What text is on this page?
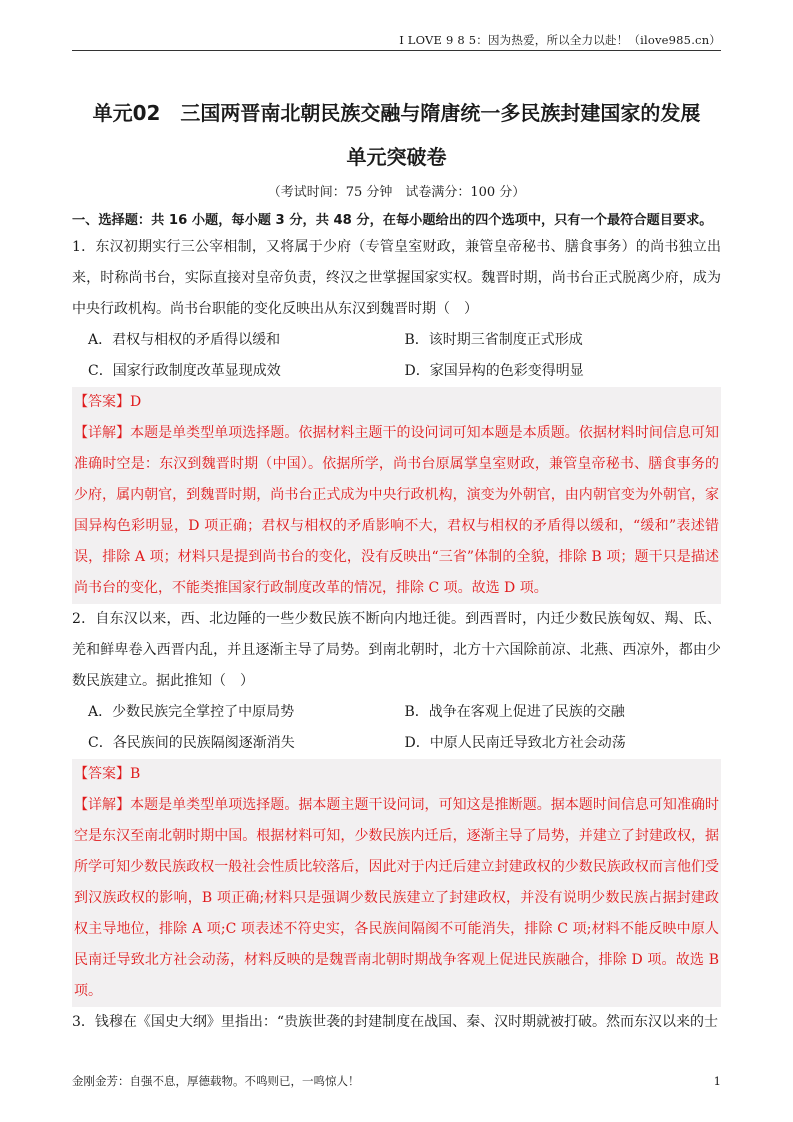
I LOVE 9 8 5：因为热爱，所以全力以赴！（ilove985.cn）
单元02　三国两晋南北朝民族交融与隋唐统一多民族封建国家的发展
单元突破卷
（考试时间：75 分钟　试卷满分：100 分）
一、选择题：共 16 小题，每小题 3 分，共 48 分，在每小题给出的四个选项中，只有一个最符合题目要求。

1．东汉初期实行三公宰相制，又将属于少府（专管皇室财政，兼管皇帝秘书、膳食事务）的尚书独立出来，时称尚书台，实际直接对皇帝负责，终汉之世掌握国家实权。魏晋时期，尚书台正式脱离少府，成为中央行政机构。尚书台职能的变化反映出从东汉到魏晋时期（　）

A．君权与相权的矛盾得以缓和	B．该时期三省制度正式形成
C．国家行政制度改革显现成效	D．家国异构的色彩变得明显

【答案】D

【详解】本题是单类型单项选择题。依据材料主题干的设问词可知本题是本质题。依据材料时间信息可知准确时空是：东汉到魏晋时期（中国）。依据所学，尚书台原属掌皇室财政，兼管皇帝秘书、膳食事务的少府，属内朝官，到魏晋时期，尚书台正式成为中央行政机构，演变为外朝官，由内朝官变为外朝官，家国异构色彩明显，D 项正确；君权与相权的矛盾影响不大，君权与相权的矛盾得以缓和，“缓和”表述错误，排除 A 项；材料只是提到尚书台的变化，没有反映出“三省”体制的全貌，排除 B 项；题干只是描述尚书台的变化，不能类推国家行政制度改革的情况，排除 C 项。故选 D 项。

2．自东汉以来，西、北边陲的一些少数民族不断向内地迁徙。到西晋时，内迁少数民族匈奴、羯、氐、羌和鲜卑卷入西晋内乱，并且逐渐主导了局势。到南北朝时，北方十六国除前凉、北燕、西凉外，都由少数民族建立。据此推知（　）

A．少数民族完全掌控了中原局势	B．战争在客观上促进了民族的交融
C．各民族间的民族隔阂逐渐消失	D．中原人民南迁导致北方社会动荡

【答案】B

【详解】本题是单类型单项选择题。据本题主题干设问词，可知这是推断题。据本题时间信息可知准确时空是东汉至南北朝时期中国。根据材料可知，少数民族内迁后，逐渐主导了局势，并建立了封建政权，据所学可知少数民族政权一般社会性质比较落后，因此对于内迁后建立封建政权的少数民族政权而言他们受到汉族政权的影响，B 项正确;材料只是强调少数民族建立了封建政权，并没有说明少数民族占据封建政权主导地位，排除 A 项;C 项表述不符史实，各民族间隔阂不可能消失，排除 C 项;材料不能反映中原人民南迁导致北方社会动荡，材料反映的是魏晋南北朝时期战争客观上促进民族融合，排除 D 项。故选 B 项。

3．钱穆在《国史大纲》里指出：“贵族世袭的封建制度在战国、秦、汉时期就被打破。然而东汉以来的士

金刚金芳：自强不息，厚德载物。不鸣则已，一鸣惊人！	1
